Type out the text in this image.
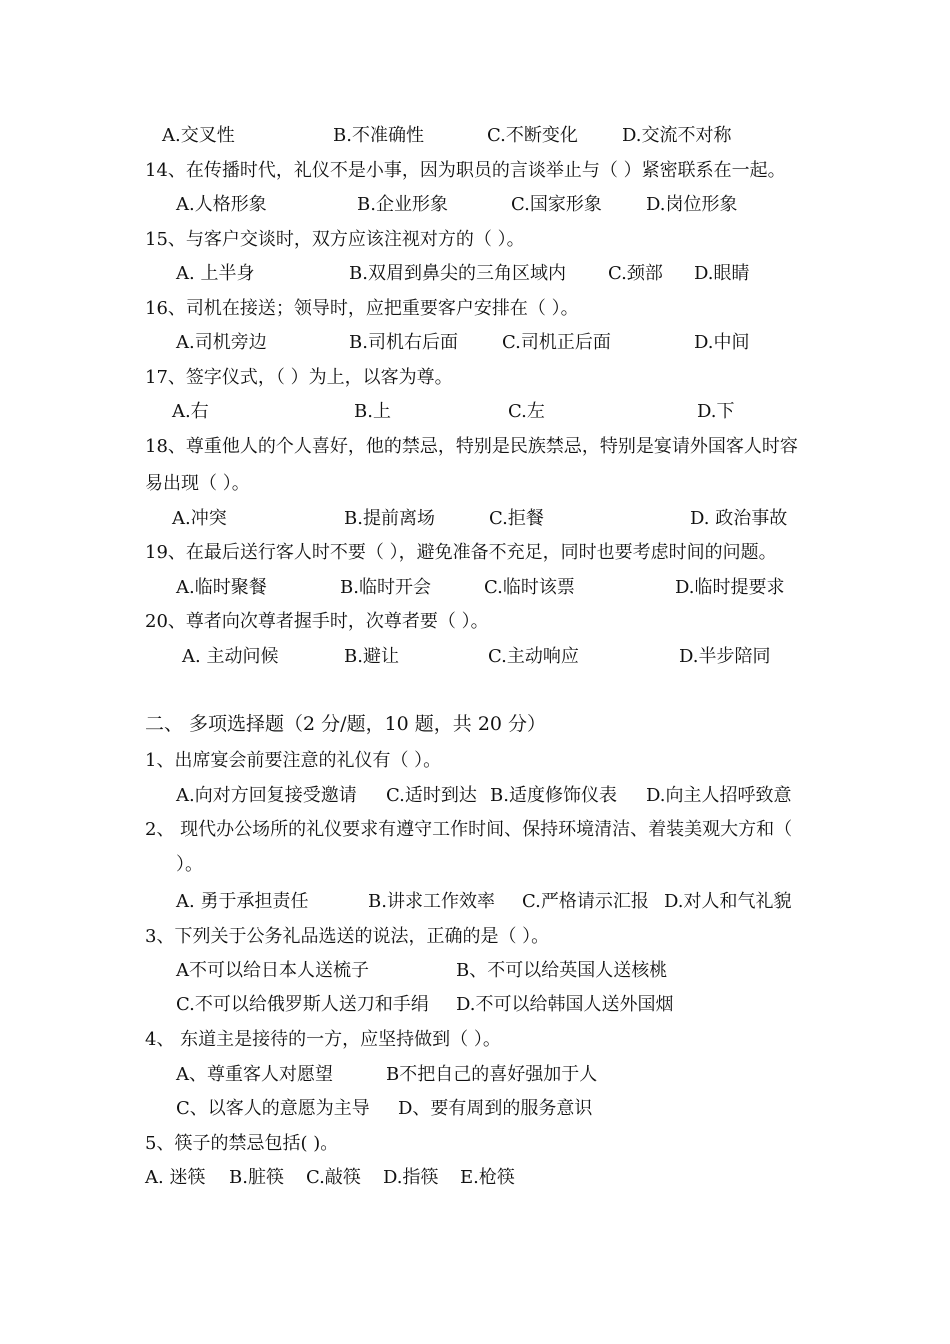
A.交叉性	B.不准确性	C.不断变化 D.交流不对称
14、在传播时代，礼仪不是小事，因为职员的言谈举止与（ ）紧密联系在一起。
A.人格形象	B.企业形象	C.国家形象 D.岗位形象
15、与客户交谈时，双方应该注视对方的（ ）。
A. 上半身	B.双眉到鼻尖的三角区域内 C.颈部 D.眼睛
16、司机在接送；领导时，应把重要客户安排在（ ）。
A.司机旁边	B.司机右后面 C.司机正后面	D.中间
17、签字仪式，（ ）为上，以客为尊。
A.右	B.上	C.左	D.下
18、尊重他人的个人喜好，他的禁忌，特别是民族禁忌，特别是宴请外国客人时容
易出现（ ）。
A.冲突	B.提前离场	C.拒餐	D. 政治事故
19、在最后送行客人时不要（ ），避免准备不充足，同时也要考虑时间的问题。
A.临时聚餐	B.临时开会	C.临时该票	D.临时提要求
20、尊者向次尊者握手时，次尊者要（ ）。
A. 主动问候	B.避让	C.主动响应	D.半步陪同
二、 多项选择题（2 分/题，10 题，共 20 分）
1、出席宴会前要注意的礼仪有（ ）。
A.向对方回复接受邀请 C.适时到达 B.适度修饰仪表 D.向主人招呼致意
2、 现代办公场所的礼仪要求有遵守工作时间、保持环境清洁、着装美观大方和（
）。
A. 勇于承担责任	B.讲求工作效率 C.严格请示汇报 D.对人和气礼貌
3、下列关于公务礼品选送的说法，正确的是（ ）。
A不可以给日本人送梳子	B、不可以给英国人送核桃
C.不可以给俄罗斯人送刀和手绢 D.不可以给韩国人送外国烟
4、 东道主是接待的一方，应坚持做到（ ）。
A、尊重客人对愿望	B不把自己的喜好强加于人
C、以客人的意愿为主导 D、要有周到的服务意识
5、筷子的禁忌包括( )。
A. 迷筷 B.脏筷 C.敲筷 D.指筷 E.枪筷
